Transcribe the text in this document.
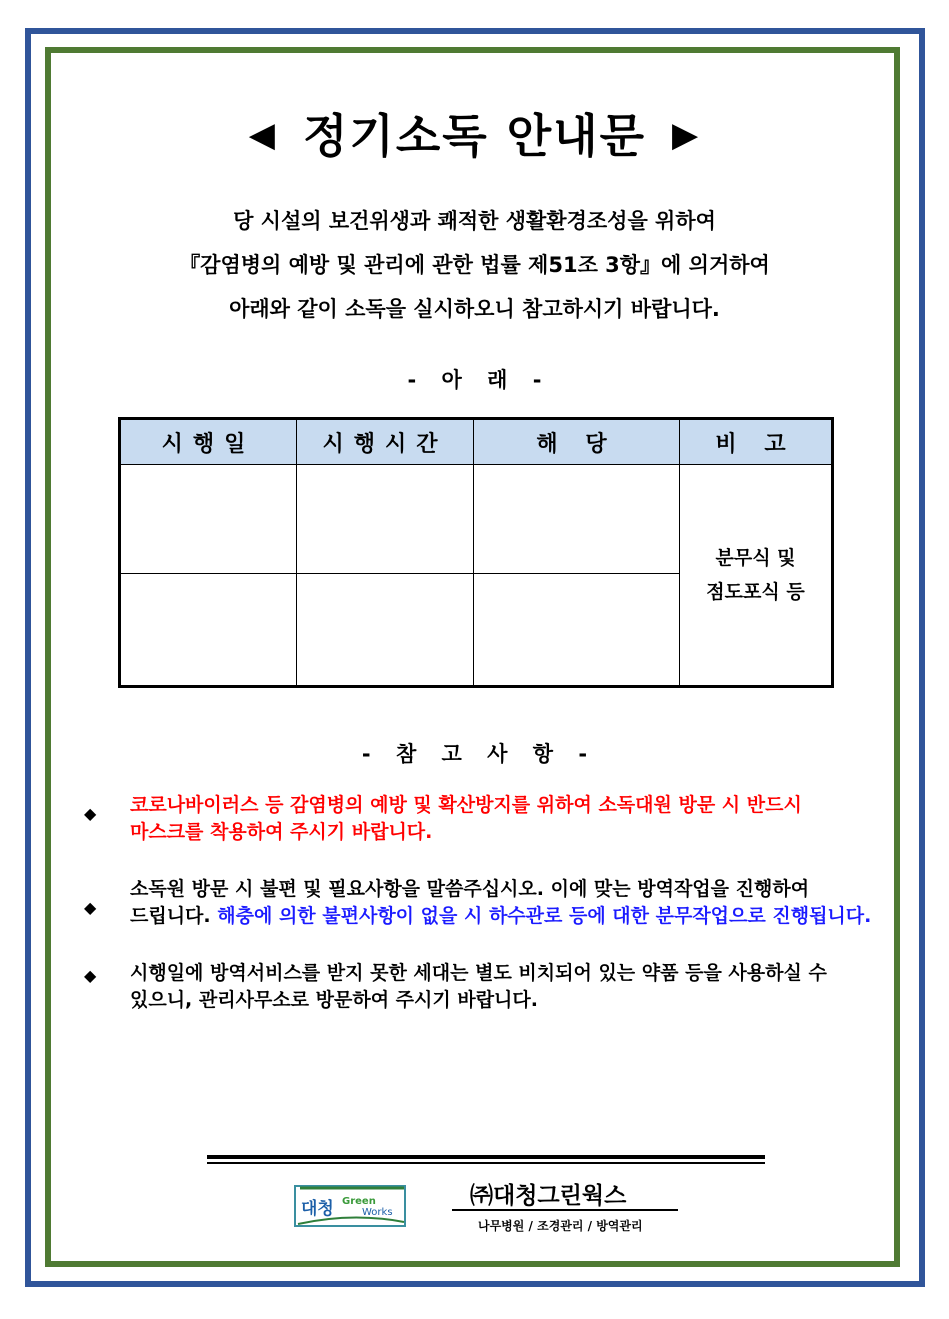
◀ 정기소독 안내문 ▶
당 시설의 보건위생과 쾌적한 생활환경조성을 위하여
『감염병의 예방 및 관리에 관한 법률 제51조 3항』에 의거하여
아래와 같이 소독을 실시하오니 참고하시기 바랍니다.
- 아 래 -
시행일	시행시간	해 당	비 고

			분무식 및
점도포식 등

- 참 고 사 항 -
◆ 코로나바이러스 등 감염병의 예방 및 확산방지를 위하여 소독대원 방문 시 반드시 마스크를 착용하여 주시기 바랍니다.
◆
소독원 방문 시 불편 및 필요사항을 말씀주십시오. 이에 맞는 방역작업을 진행하여 드립니다. 해충에 의한 불편사항이 없을 시 하수관로 등에 대한 분무작업으로 진행됩니다.
◆ 시행일에 방역서비스를 받지 못한 세대는 별도 비치되어 있는 약품 등을 사용하실 수 있으니, 관리사무소로 방문하여 주시기 바랍니다.
대청 Green
Works
㈜대청그린웍스
나무병원 / 조경관리 / 방역관리
